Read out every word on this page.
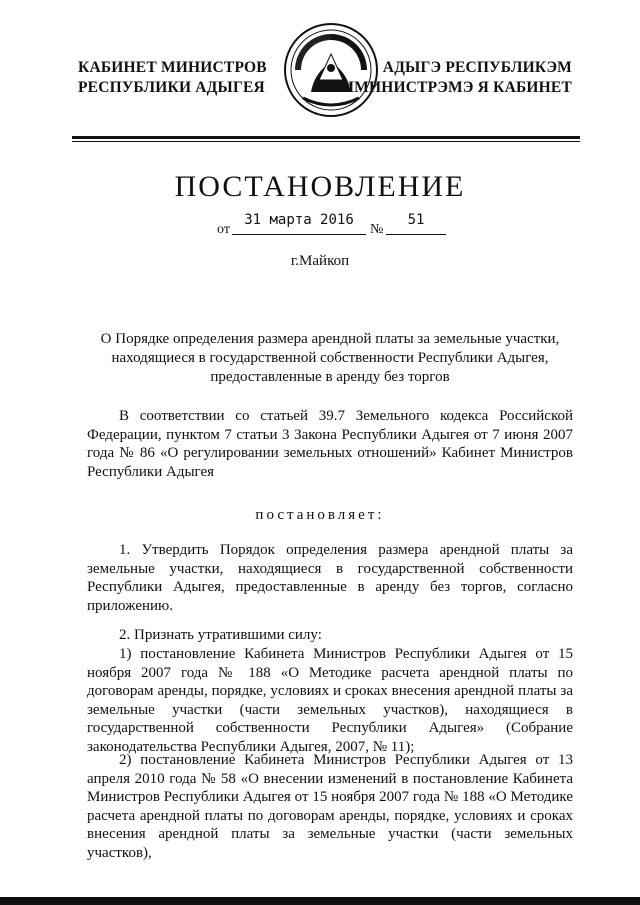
КАБИНЕТ МИНИСТРОВ
РЕСПУБЛИКИ АДЫГЕЯ
АДЫГЭ РЕСПУБЛИКЭМ
ИМИНИСТРЭМЭ Я КАБИНЕТ
ПОСТАНОВЛЕНИЕ
от
31 марта 2016
№
51
г.Майкоп
О Порядке определения размера арендной платы за земельные участки, находящиеся в государственной собственности Республики Адыгея, предоставленные в аренду без торгов
В соответствии со статьей 39.7 Земельного кодекса Российской Федерации, пунктом 7 статьи 3 Закона Республики Адыгея от 7 июня 2007 года № 86 «О регулировании земельных отношений» Кабинет Министров Республики Адыгея
постановляет:
1. Утвердить Порядок определения размера арендной платы за земельные участки, находящиеся в государственной собственности Республики Адыгея, предоставленные в аренду без торгов, согласно приложению.
2. Признать утратившими силу:
1) постановление Кабинета Министров Республики Адыгея от 15 ноября 2007 года № 188 «О Методике расчета арендной платы по договорам аренды, порядке, условиях и сроках внесения арендной платы за земельные участки (части земельных участков), находящиеся в государственной собственности Республики Адыгея» (Собрание законодательства Республики Адыгея, 2007, № 11);
2) постановление Кабинета Министров Республики Адыгея от 13 апреля 2010 года № 58 «О внесении изменений в постановление Кабинета Министров Республики Адыгея от 15 ноября 2007 года № 188 «О Методике расчета арендной платы по договорам аренды, порядке, условиях и сроках внесения арендной платы за земельные участки (части земельных участков),
